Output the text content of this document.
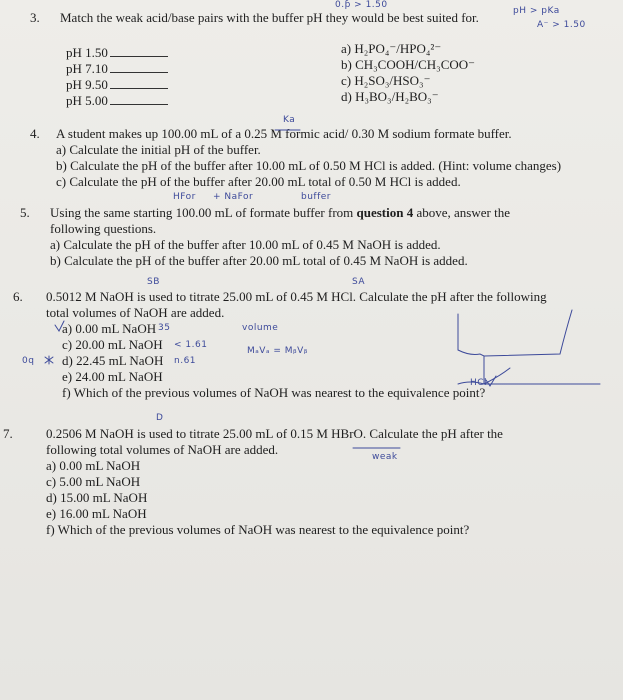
3. Match the weak acid/base pairs with the buffer pH they would be best suited for.
pH 1.50
pH 7.10
pH 9.50
pH 5.00
a) H₂PO₄⁻/HPO₄²⁻
b) CH₃COOH/CH₃COO⁻
c) H₂SO₃/HSO₃⁻
d) H₃BO₃/H₂BO₃⁻
4. A student makes up 100.00 mL of a 0.25 M formic acid/ 0.30 M sodium formate buffer.
a) Calculate the initial pH of the buffer.
b) Calculate the pH of the buffer after 10.00 mL of 0.50 M HCl is added. (Hint: volume changes)
c) Calculate the pH of the buffer after 20.00 mL total of 0.50 M HCl is added.
5. Using the same starting 100.00 mL of formate buffer from question 4 above, answer the
following questions.
a) Calculate the pH of the buffer after 10.00 mL of 0.45 M NaOH is added.
b) Calculate the pH of the buffer after 20.00 mL total of 0.45 M NaOH is added.
6. 0.5012 M NaOH is used to titrate 25.00 mL of 0.45 M HCl. Calculate the pH after the following
total volumes of NaOH are added.
a) 0.00 mL NaOH
c) 20.00 mL NaOH
d) 22.45 mL NaOH
e) 24.00 mL NaOH
f) Which of the previous volumes of NaOH was nearest to the equivalence point?
7.	0.2506 M NaOH is used to titrate 25.00 mL of 0.15 M HBrO. Calculate the pH after the
following total volumes of NaOH are added.
a) 0.00 mL NaOH
c) 5.00 mL NaOH
d) 15.00 mL NaOH
e) 16.00 mL NaOH
f) Which of the previous volumes of NaOH was nearest to the equivalence point?
0.ƥ > 1.50
pH > pKa
A⁻ > 1.50
Ka
HFor + NaFor	buffer
SB	SA
35
< 1.61
0q	n.61
volume
MₐVₐ = MᵦVᵦ
HCl
D
weak
